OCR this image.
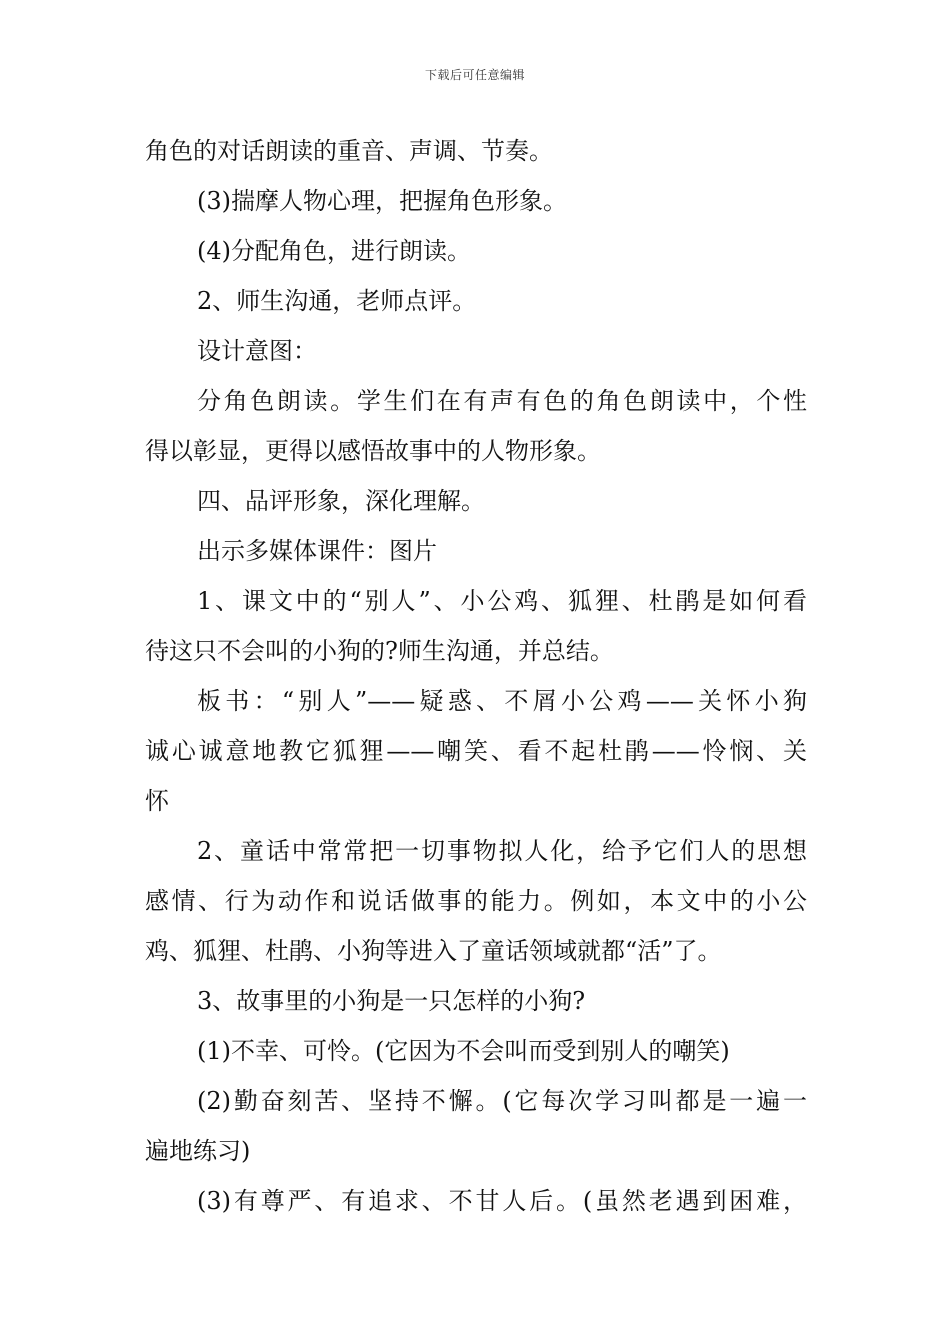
下载后可任意编辑
角色的对话朗读的重音、声调、节奏。
(3)揣摩人物心理，把握角色形象。
(4)分配角色，进行朗读。
2、师生沟通，老师点评。
设计意图：
分角色朗读。学生们在有声有色的角色朗读中，个性
得以彰显，更得以感悟故事中的人物形象。
四、品评形象，深化理解。
出示多媒体课件：图片
1、课文中的“别人”、小公鸡、狐狸、杜鹃是如何看
待这只不会叫的小狗的?师生沟通，并总结。
板书：“别人”——疑惑、不屑小公鸡——关怀小狗
诚心诚意地教它狐狸——嘲笑、看不起杜鹃——怜悯、关
怀
2、童话中常常把一切事物拟人化，给予它们人的思想
感情、行为动作和说话做事的能力。例如，本文中的小公
鸡、狐狸、杜鹃、小狗等进入了童话领域就都“活”了。
3、故事里的小狗是一只怎样的小狗?
(1)不幸、可怜。(它因为不会叫而受到别人的嘲笑)
(2)勤奋刻苦、坚持不懈。(它每次学习叫都是一遍一
遍地练习)
(3)有尊严、有追求、不甘人后。(虽然老遇到困难，
